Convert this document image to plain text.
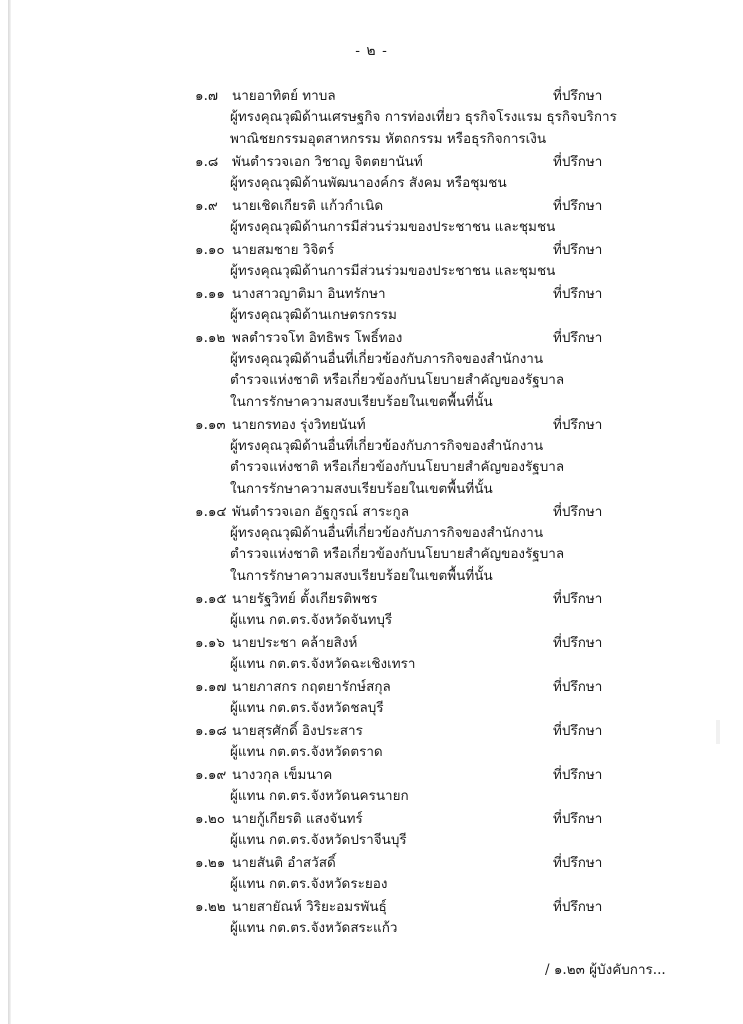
- ๒ -
๑.๗ นายอาทิตย์ ทาบล	ที่ปรึกษา
ผู้ทรงคุณวุฒิด้านเศรษฐกิจ การท่องเที่ยว ธุรกิจโรงแรม ธุรกิจบริการ
พาณิชยกรรมอุตสาหกรรม หัตถกรรม หรือธุรกิจการเงิน
๑.๘ พันตำรวจเอก วิชาญ จิตตยานันท์	ที่ปรึกษา
ผู้ทรงคุณวุฒิด้านพัฒนาองค์กร สังคม หรือชุมชน
๑.๙ นายเชิดเกียรติ แก้วกำเนิด	ที่ปรึกษา
ผู้ทรงคุณวุฒิด้านการมีส่วนร่วมของประชาชน และชุมชน
๑.๑๐ นายสมชาย วิจิตร์	ที่ปรึกษา
ผู้ทรงคุณวุฒิด้านการมีส่วนร่วมของประชาชน และชุมชน
๑.๑๑ นางสาวญาติมา อินทรักษา	ที่ปรึกษา
ผู้ทรงคุณวุฒิด้านเกษตรกรรม
๑.๑๒ พลตำรวจโท อิทธิพร โพธิ์ทอง	ที่ปรึกษา
ผู้ทรงคุณวุฒิด้านอื่นที่เกี่ยวข้องกับภารกิจของสำนักงาน
ตำรวจแห่งชาติ หรือเกี่ยวข้องกับนโยบายสำคัญของรัฐบาล
ในการรักษาความสงบเรียบร้อยในเขตพื้นที่นั้น
๑.๑๓ นายกรทอง รุ่งวิทยนันท์	ที่ปรึกษา
ผู้ทรงคุณวุฒิด้านอื่นที่เกี่ยวข้องกับภารกิจของสำนักงาน
ตำรวจแห่งชาติ หรือเกี่ยวข้องกับนโยบายสำคัญของรัฐบาล
ในการรักษาความสงบเรียบร้อยในเขตพื้นที่นั้น
๑.๑๔ พันตำรวจเอก อัฐกูรณ์ สาระกูล	ที่ปรึกษา
ผู้ทรงคุณวุฒิด้านอื่นที่เกี่ยวข้องกับภารกิจของสำนักงาน
ตำรวจแห่งชาติ หรือเกี่ยวข้องกับนโยบายสำคัญของรัฐบาล
ในการรักษาความสงบเรียบร้อยในเขตพื้นที่นั้น
๑.๑๕ นายรัฐวิทย์ ตั้งเกียรติพชร	ที่ปรึกษา
ผู้แทน กต.ตร.จังหวัดจันทบุรี
๑.๑๖ นายประชา คล้ายสิงห์	ที่ปรึกษา
ผู้แทน กต.ตร.จังหวัดฉะเชิงเทรา
๑.๑๗ นายภาสกร กฤตยารักษ์สกุล	ที่ปรึกษา
ผู้แทน กต.ตร.จังหวัดชลบุรี
๑.๑๘ นายสุรศักดิ์ อิงประสาร	ที่ปรึกษา
ผู้แทน กต.ตร.จังหวัดตราด
๑.๑๙ นางวกุล เข็มนาค	ที่ปรึกษา
ผู้แทน กต.ตร.จังหวัดนครนายก
๑.๒๐ นายกู้เกียรติ แสงจันทร์	ที่ปรึกษา
ผู้แทน กต.ตร.จังหวัดปราจีนบุรี
๑.๒๑ นายสันติ อำสวัสดิ์	ที่ปรึกษา
ผู้แทน กต.ตร.จังหวัดระยอง
๑.๒๒ นายสายัณห์ วิริยะอมรพันธุ์	ที่ปรึกษา
ผู้แทน กต.ตร.จังหวัดสระแก้ว
/ ๑.๒๓ ผู้บังคับการ...
